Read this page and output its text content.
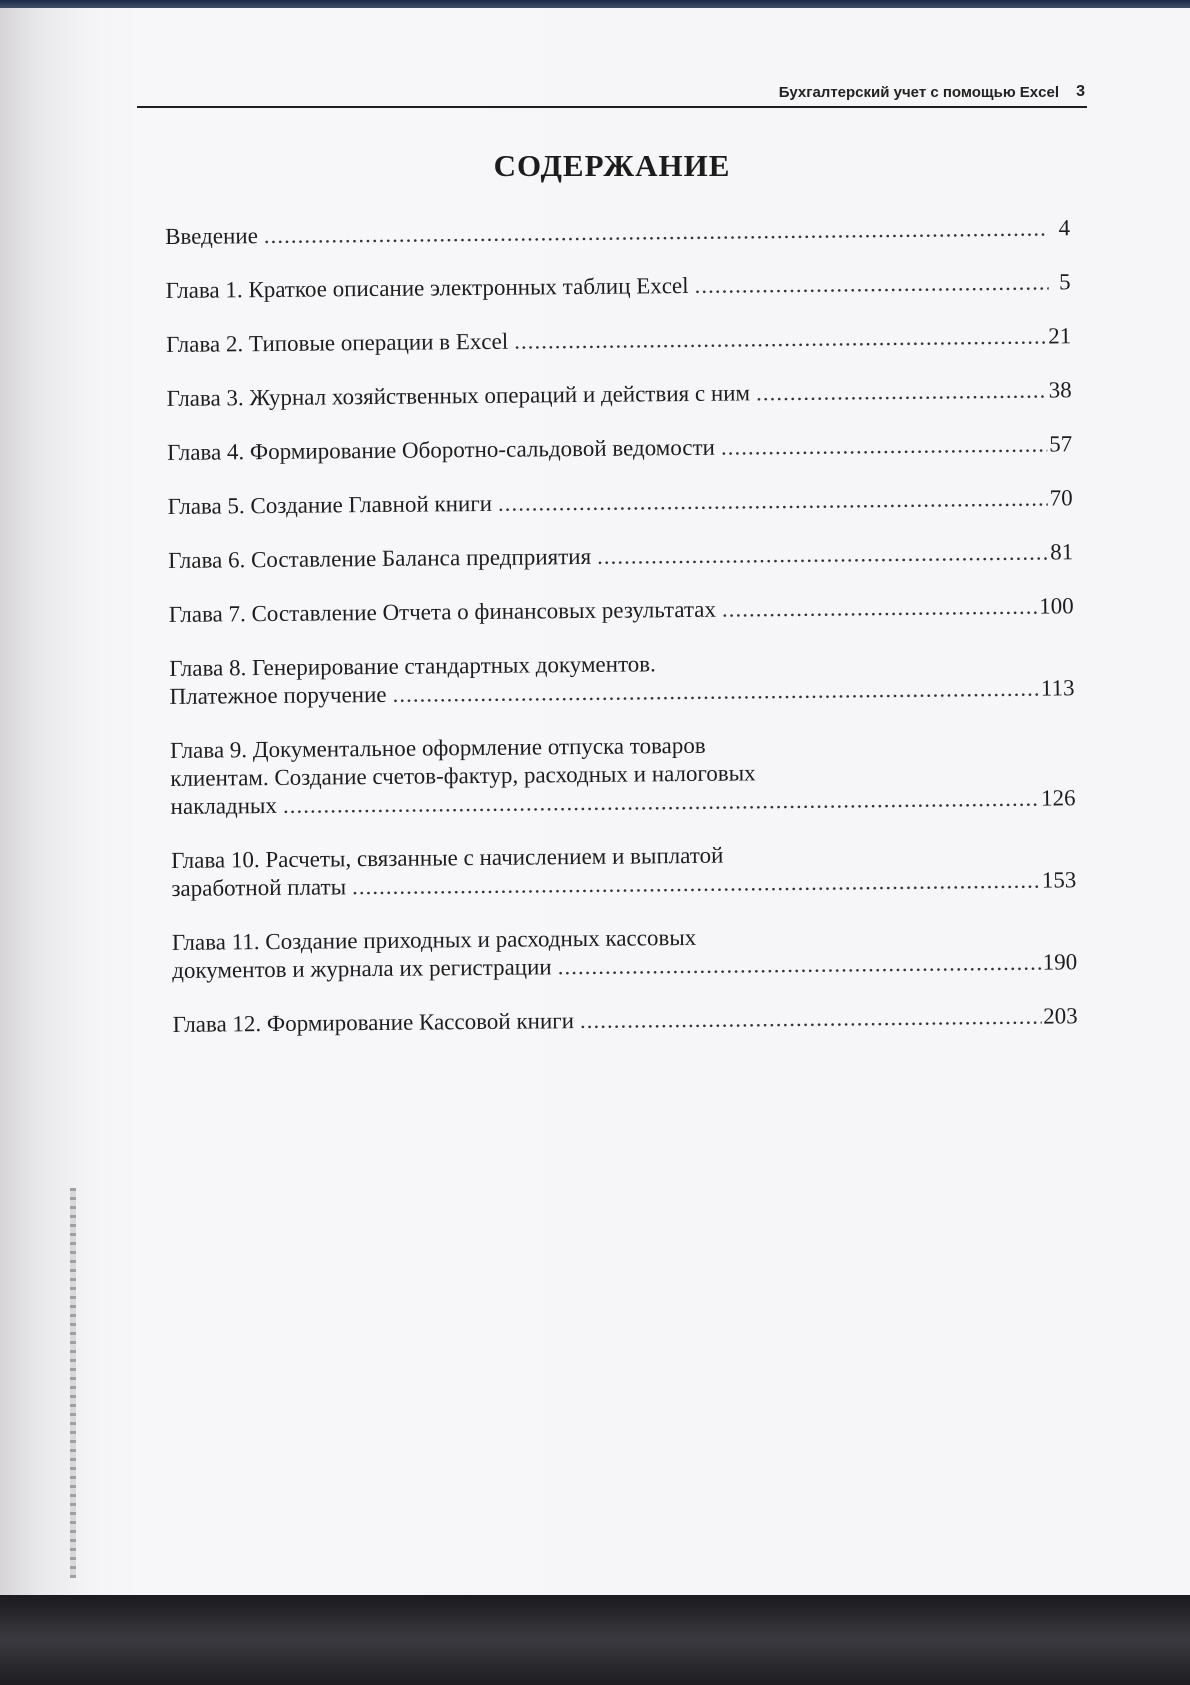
Бухгалтерский учет с помощью Excel 3
СОДЕРЖАНИЕ
Введение .....	4
Глава 1. Краткое описание электронных таблиц Excel .....	5
Глава 2. Типовые операции в Excel .....	21
Глава 3. Журнал хозяйственных операций и действия с ним .....	38
Глава 4. Формирование Оборотно-сальдовой ведомости .....	57
Глава 5. Создание Главной книги .....	70
Глава 6. Составление Баланса предприятия .....	81
Глава 7. Составление Отчета о финансовых результатах .....	100
Глава 8. Генерирование стандартных документов.
Платежное поручение .....	113
Глава 9. Документальное оформление отпуска товаров
клиентам. Создание счетов-фактур, расходных и налоговых
накладных .....	126
Глава 10. Расчеты, связанные с начислением и выплатой
заработной платы .....	153
Глава 11. Создание приходных и расходных кассовых
документов и журнала их регистрации .....	190
Глава 12. Формирование Кассовой книги .....	203
